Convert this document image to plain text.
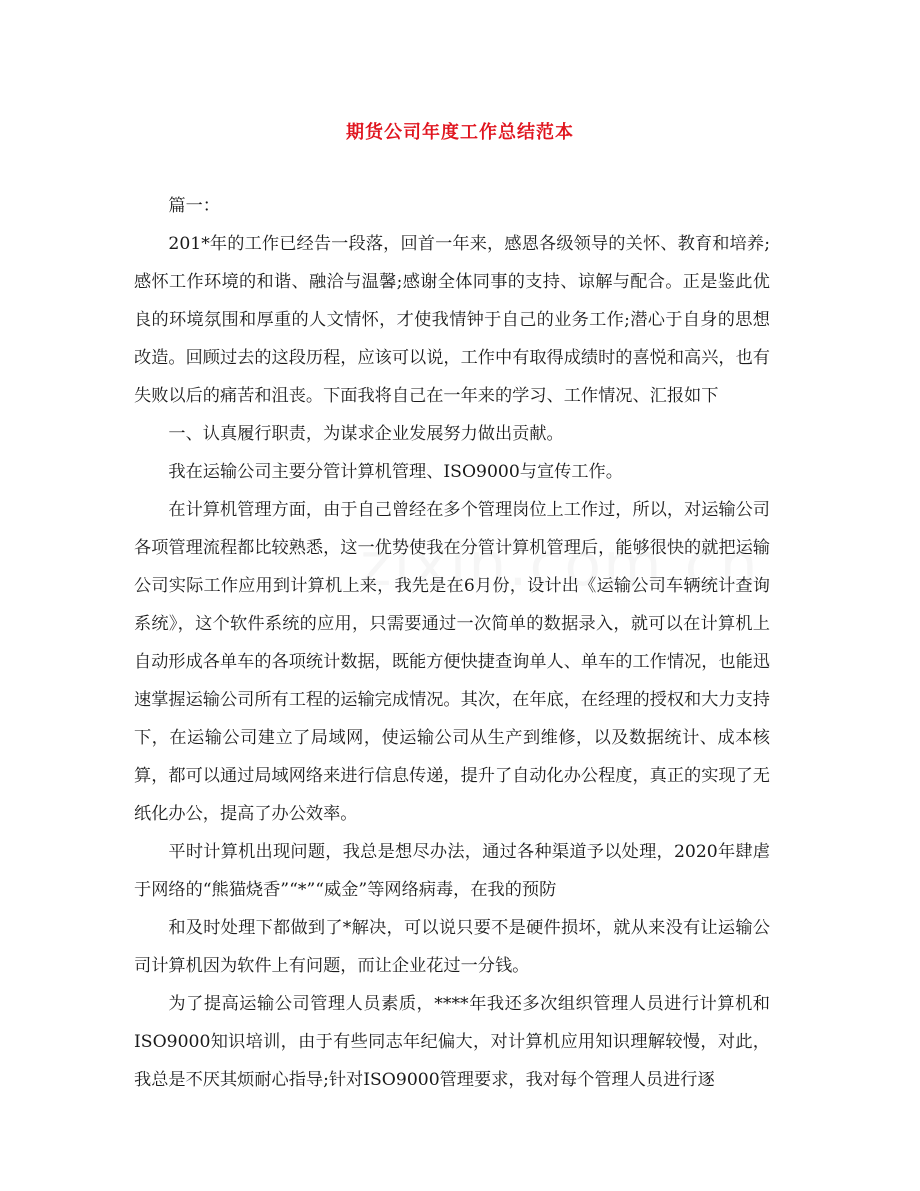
期货公司年度工作总结范本

篇一：

201*年的工作已经告一段落，回首一年来，感恩各级领导的关怀、教育和培养;感怀工作环境的和谐、融洽与温馨;感谢全体同事的支持、谅解与配合。正是鉴此优良的环境氛围和厚重的人文情怀，才使我情钟于自己的业务工作;潜心于自身的思想改造。回顾过去的这段历程，应该可以说，工作中有取得成绩时的喜悦和高兴，也有失败以后的痛苦和沮丧。下面我将自己在一年来的学习、工作情况、汇报如下

一、认真履行职责，为谋求企业发展努力做出贡献。

我在运输公司主要分管计算机管理、ISO9000与宣传工作。

在计算机管理方面，由于自己曾经在多个管理岗位上工作过，所以，对运输公司各项管理流程都比较熟悉，这一优势使我在分管计算机管理后，能够很快的就把运输公司实际工作应用到计算机上来，我先是在6月份，设计出《运输公司车辆统计查询系统》，这个软件系统的应用，只需要通过一次简单的数据录入，就可以在计算机上自动形成各单车的各项统计数据，既能方便快捷查询单人、单车的工作情况，也能迅速掌握运输公司所有工程的运输完成情况。其次，在年底，在经理的授权和大力支持下，在运输公司建立了局域网，使运输公司从生产到维修，以及数据统计、成本核算，都可以通过局域网络来进行信息传递，提升了自动化办公程度，真正的实现了无纸化办公，提高了办公效率。

平时计算机出现问题，我总是想尽办法，通过各种渠道予以处理，2020年肆虐于网络的“熊猫烧香”“*”“威金”等网络病毒，在我的预防

和及时处理下都做到了*解决，可以说只要不是硬件损坏，就从来没有让运输公司计算机因为软件上有问题，而让企业花过一分钱。

为了提高运输公司管理人员素质，****年我还多次组织管理人员进行计算机和ISO9000知识培训，由于有些同志年纪偏大，对计算机应用知识理解较慢，对此，我总是不厌其烦耐心指导;针对ISO9000管理要求，我对每个管理人员进行逐
